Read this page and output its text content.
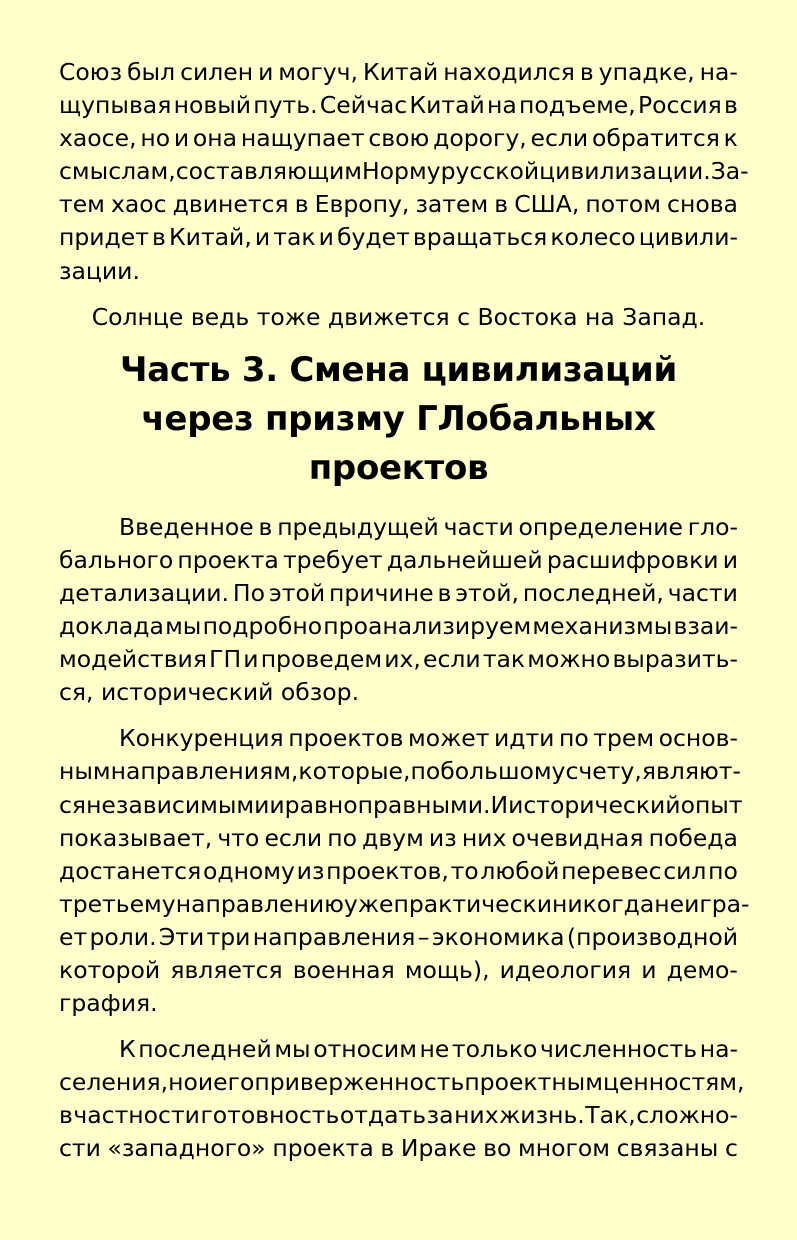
Союз был силен и могуч, Китай находился в упадке, на-
щупывая новый путь. Сейчас Китай на подъеме, Россия в
хаосе, но и она нащупает свою дорогу, если обратится к
смыслам, составляющим Норму русской цивилизации. За-
тем хаос двинется в Европу, затем в США, потом снова
придет в Китай, и так и будет вращаться колесо цивили-
зации.
Солнце ведь тоже движется с Востока на Запад.
Часть 3. Смена цивилизаций
через призму ГЛобальных
проектов
Введенное в предыдущей части определение гло-
бального проекта требует дальнейшей расшифровки и
детализации. По этой причине в этой, последней, части
доклада мы подробно проанализируем механизмы взаи-
модействия ГП и проведем их, если так можно выразить-
ся, исторический обзор.
Конкуренция проектов может идти по трем основ-
ным направлениям, которые, по большому счету, являют-
ся независимыми и равноправными. И исторический опыт
показывает, что если по двум из них очевидная победа
достанется одному из проектов, то любой перевес сил по
третьему направлению уже практически никогда не игра-
ет роли. Эти три направления – экономика (производной
которой является военная мощь), идеология и демо-
графия.
К последней мы относим не только численность на-
селения, но и его приверженность проектным ценностям,
в частности готовность отдать за них жизнь. Так, сложно-
сти «западного» проекта в Ираке во многом связаны с
